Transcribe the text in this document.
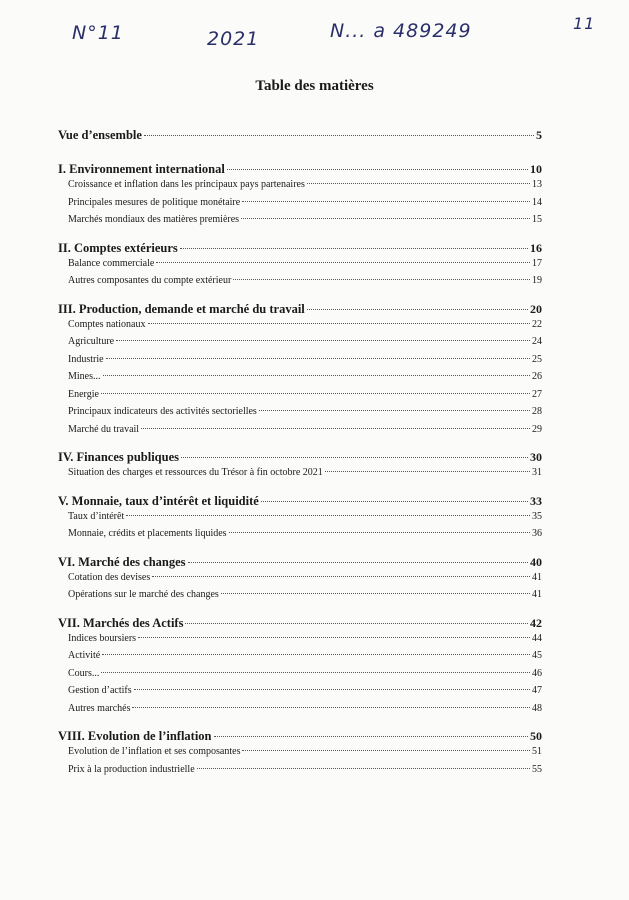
N°11	2021	N... a 489249	11
Table des matières
Vue d’ensemble	5
I. Environnement international	10
Croissance et inflation dans les principaux pays partenaires	13
Principales mesures de politique monétaire	14
Marchés mondiaux des matières premières	15
II. Comptes extérieurs	16
Balance commerciale	17
Autres composantes du compte extérieur	19
III. Production, demande et marché du travail	20
Comptes nationaux	22
Agriculture	24
Industrie	25
Mines...	26
Energie	27
Principaux indicateurs des activités sectorielles	28
Marché du travail	29
IV. Finances publiques	30
Situation des charges et ressources du Trésor à fin octobre 2021	31
V. Monnaie, taux d’intérêt et liquidité	33
Taux d’intérêt	35
Monnaie, crédits et placements liquides	36
VI. Marché des changes	40
Cotation des devises	41
Opérations sur le marché des changes	41
VII. Marchés des Actifs	42
Indices boursiers	44
Activité	45
Cours...	46
Gestion d’actifs	47
Autres marchés	48
VIII. Evolution de l’inflation	50
Evolution de l’inflation et ses composantes	51
Prix à la production industrielle	55
